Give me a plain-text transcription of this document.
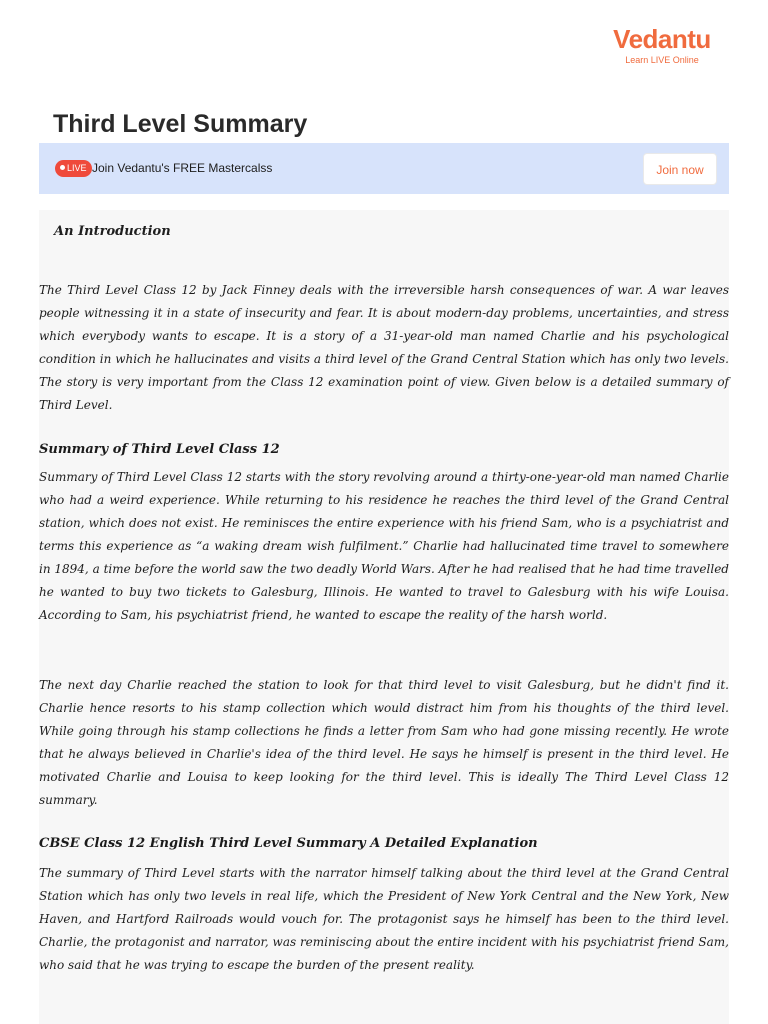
Vedantu
Learn LIVE Online
Third Level Summary
LIVE Join Vedantu's FREE Mastercalss	Join now
An Introduction

The Third Level Class 12 by Jack Finney deals with the irreversible harsh consequences of war. A war leaves people witnessing it in a state of insecurity and fear. It is about modern-day problems, uncertainties, and stress which everybody wants to escape. It is a story of a 31-year-old man named Charlie and his psychological condition in which he hallucinates and visits a third level of the Grand Central Station which has only two levels. The story is very important from the Class 12 examination point of view. Given below is a detailed summary of Third Level.

Summary of Third Level Class 12

Summary of Third Level Class 12 starts with the story revolving around a thirty-one-year-old man named Charlie who had a weird experience. While returning to his residence he reaches the third level of the Grand Central station, which does not exist. He reminisces the entire experience with his friend Sam, who is a psychiatrist and terms this experience as “a waking dream wish fulfilment.” Charlie had hallucinated time travel to somewhere in 1894, a time before the world saw the two deadly World Wars. After he had realised that he had time travelled he wanted to buy two tickets to Galesburg, Illinois. He wanted to travel to Galesburg with his wife Louisa. According to Sam, his psychiatrist friend, he wanted to escape the reality of the harsh world.

The next day Charlie reached the station to look for that third level to visit Galesburg, but he didn't find it. Charlie hence resorts to his stamp collection which would distract him from his thoughts of the third level. While going through his stamp collections he finds a letter from Sam who had gone missing recently. He wrote that he always believed in Charlie's idea of the third level. He says he himself is present in the third level. He motivated Charlie and Louisa to keep looking for the third level. This is ideally The Third Level Class 12 summary.

CBSE Class 12 English Third Level Summary A Detailed Explanation

The summary of Third Level starts with the narrator himself talking about the third level at the Grand Central Station which has only two levels in real life, which the President of New York Central and the New York, New Haven, and Hartford Railroads would vouch for. The protagonist says he himself has been to the third level. Charlie, the protagonist and narrator, was reminiscing about the entire incident with his psychiatrist friend Sam, who said that he was trying to escape the burden of the present reality.
